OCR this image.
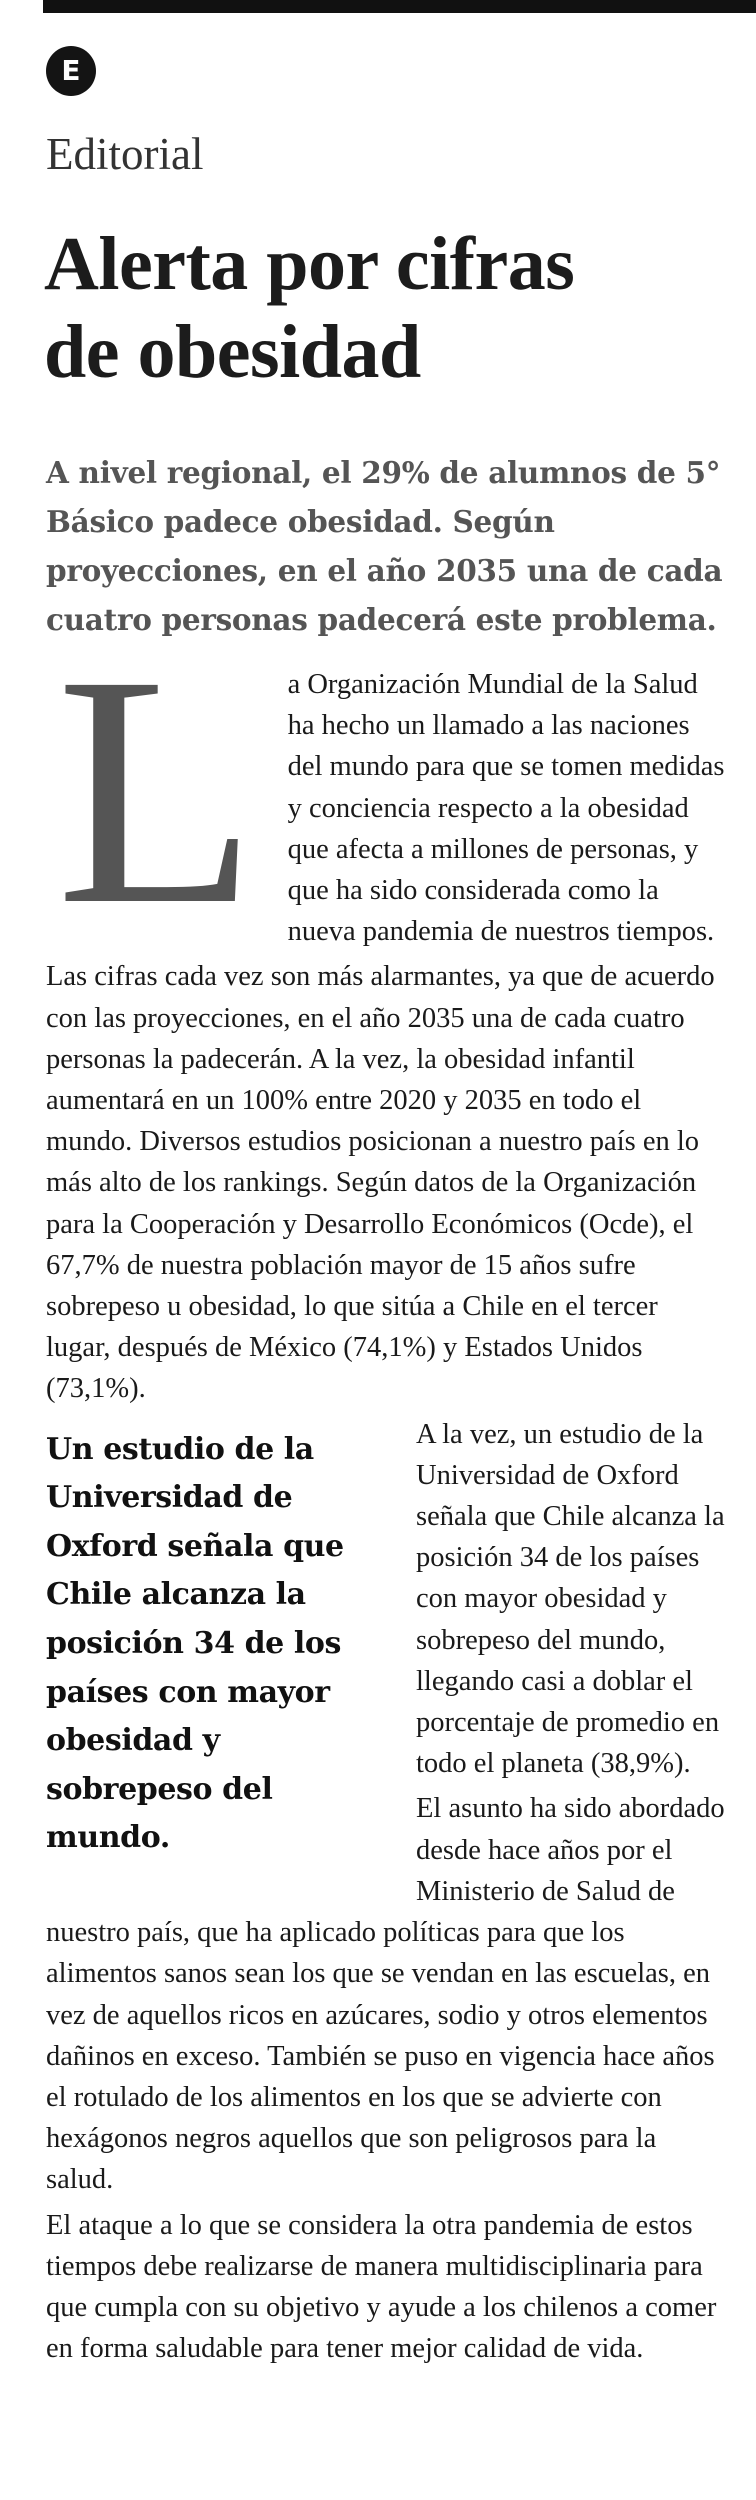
E
Editorial
Alerta por cifras
de obesidad
A nivel regional, el 29% de alumnos de 5° Básico padece obesidad. Según proyecciones, en el año 2035 una de cada cuatro personas padecerá este problema.
L	a Organización Mundial de la Salud ha hecho un llamado a las naciones del mundo para que se tomen medidas y conciencia respecto a la obesidad que afecta a millones de personas, y que ha sido considerada como la nueva pandemia de nuestros tiempos.

Las cifras cada vez son más alarmantes, ya que de acuerdo con las proyecciones, en el año 2035 una de cada cuatro personas la padecerán. A la vez, la obesidad infantil aumentará en un 100% entre 2020 y 2035 en todo el mundo. Diversos estudios posicionan a nuestro país en lo más alto de los rankings. Según datos de la Organización para la Cooperación y Desarrollo Económicos (Ocde), el 67,7% de nuestra población mayor de 15 años sufre sobrepeso u obesidad, lo que sitúa a Chile en el tercer lugar, después de México (74,1%) y Estados Unidos (73,1%).

Un estudio de la Universidad de Oxford señala que Chile alcanza la posición 34 de los países con mayor obesidad y sobrepeso del mundo.

A la vez, un estudio de la Universidad de Oxford señala que Chile alcanza la posición 34 de los países con mayor obesidad y sobrepeso del mundo, llegando casi a doblar el porcentaje de promedio en todo el planeta (38,9%).

El asunto ha sido abordado desde hace años por el Ministerio de Salud de nuestro país, que ha aplicado políticas para que los alimentos sanos sean los que se vendan en las escuelas, en vez de aquellos ricos en azúcares, sodio y otros elementos dañinos en exceso. También se puso en vigencia hace años el rotulado de los alimentos en los que se advierte con hexágonos negros aquellos que son peligrosos para la salud.

El ataque a lo que se considera la otra pandemia de estos tiempos debe realizarse de manera multidisciplinaria para que cumpla con su objetivo y ayude a los chilenos a comer en forma saludable para tener mejor calidad de vida.
